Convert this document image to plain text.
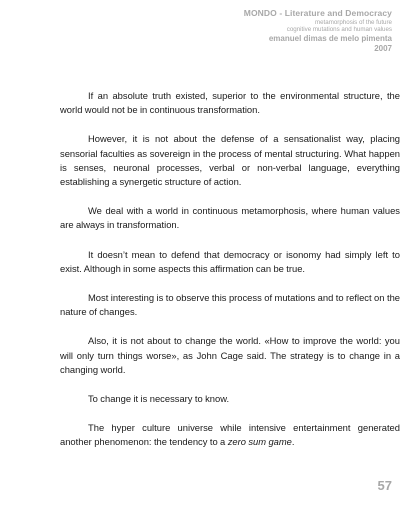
MONDO - Literature and Democracy
metamorphosis of the future
cognitive mutations and human values
emanuel dimas de melo pimenta
2007

If an absolute truth existed, superior to the environmental structure, the world would not be in continuous transformation.

However, it is not about the defense of a sensationalist way, placing sensorial faculties as sovereign in the process of mental structuring. What happen is senses, neuronal processes, verbal or non-verbal language, everything establishing a synergetic structure of action.

We deal with a world in continuous metamorphosis, where human values are always in transformation.

It doesn’t mean to defend that democracy or isonomy had simply left to exist. Although in some aspects this affirmation can be true.

Most interesting is to observe this process of mutations and to reflect on the nature of changes.

Also, it is not about to change the world. «How to improve the world: you will only turn things worse», as John Cage said. The strategy is to change in a changing world.

To change it is necessary to know.

The hyper culture universe while intensive entertainment generated another phenomenon: the tendency to a zero sum game.

57
